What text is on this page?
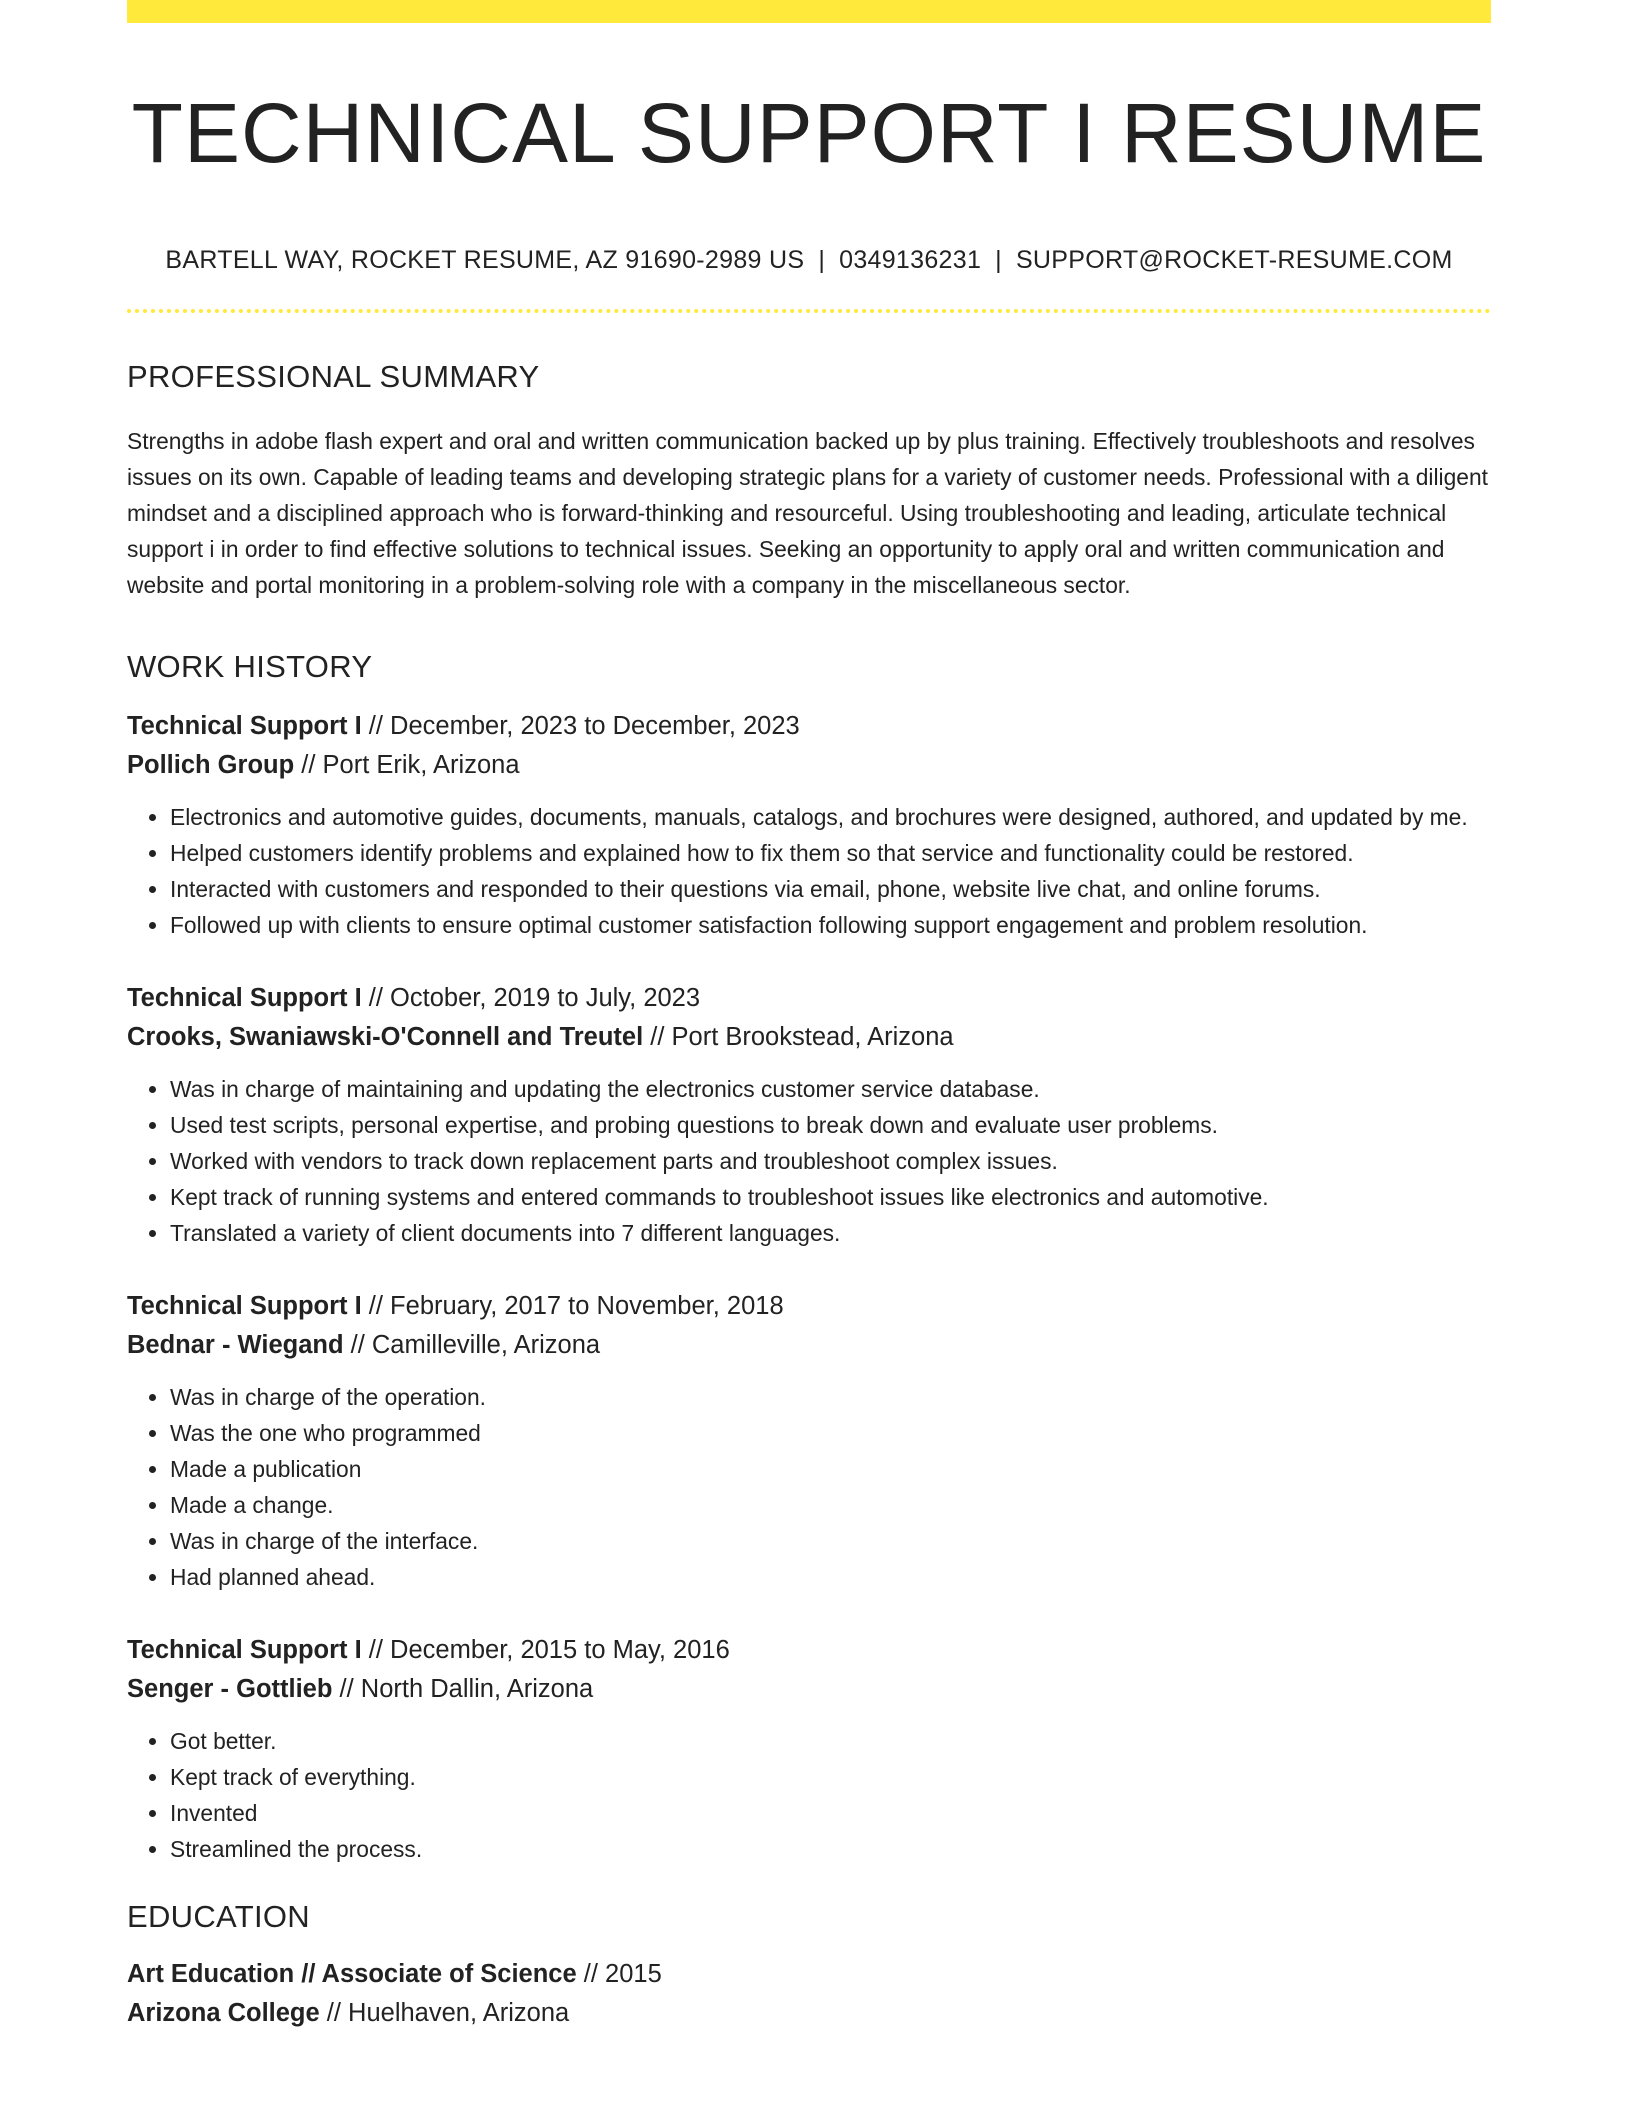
TECHNICAL SUPPORT I RESUME
BARTELL WAY, ROCKET RESUME, AZ 91690-2989 US | 0349136231 | SUPPORT@ROCKET-RESUME.COM
PROFESSIONAL SUMMARY
Strengths in adobe flash expert and oral and written communication backed up by plus training. Effectively troubleshoots and resolves issues on its own. Capable of leading teams and developing strategic plans for a variety of customer needs. Professional with a diligent mindset and a disciplined approach who is forward-thinking and resourceful. Using troubleshooting and leading, articulate technical support i in order to find effective solutions to technical issues. Seeking an opportunity to apply oral and written communication and website and portal monitoring in a problem-solving role with a company in the miscellaneous sector.
WORK HISTORY
Technical Support I // December, 2023 to December, 2023
Pollich Group // Port Erik, Arizona
• Electronics and automotive guides, documents, manuals, catalogs, and brochures were designed, authored, and updated by me.
• Helped customers identify problems and explained how to fix them so that service and functionality could be restored.
• Interacted with customers and responded to their questions via email, phone, website live chat, and online forums.
• Followed up with clients to ensure optimal customer satisfaction following support engagement and problem resolution.
Technical Support I // October, 2019 to July, 2023
Crooks, Swaniawski-O'Connell and Treutel // Port Brookstead, Arizona
• Was in charge of maintaining and updating the electronics customer service database.
• Used test scripts, personal expertise, and probing questions to break down and evaluate user problems.
• Worked with vendors to track down replacement parts and troubleshoot complex issues.
• Kept track of running systems and entered commands to troubleshoot issues like electronics and automotive.
• Translated a variety of client documents into 7 different languages.
Technical Support I // February, 2017 to November, 2018
Bednar - Wiegand // Camilleville, Arizona
• Was in charge of the operation.
• Was the one who programmed
• Made a publication
• Made a change.
• Was in charge of the interface.
• Had planned ahead.
Technical Support I // December, 2015 to May, 2016
Senger - Gottlieb // North Dallin, Arizona
• Got better.
• Kept track of everything.
• Invented
• Streamlined the process.
EDUCATION
Art Education // Associate of Science // 2015
Arizona College // Huelhaven, Arizona
